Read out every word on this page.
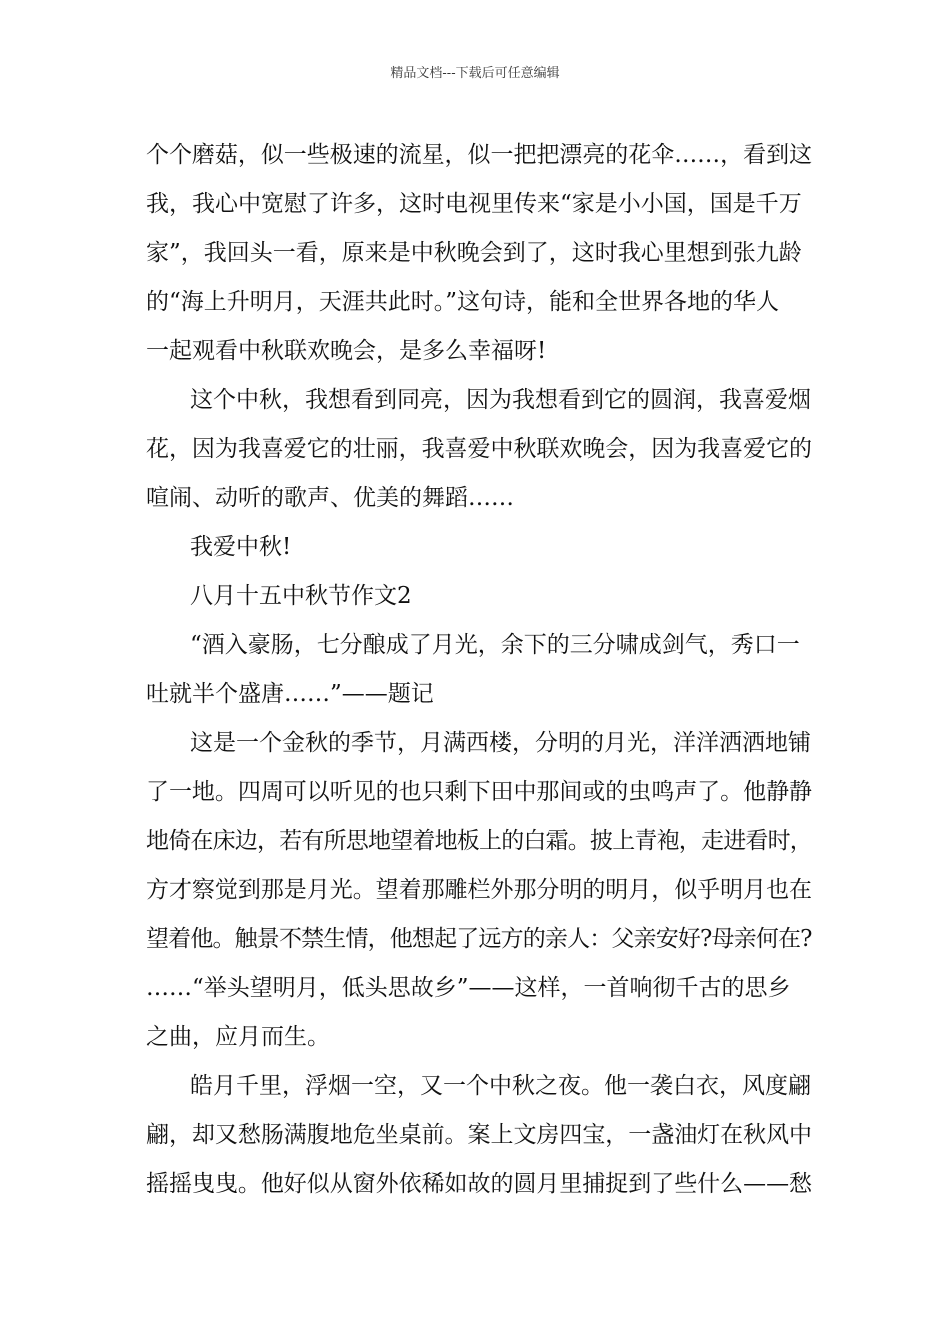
精品文档---下载后可任意编辑
个个磨菇，似一些极速的流星，似一把把漂亮的花伞……，看到这
我，我心中宽慰了许多，这时电视里传来“家是小小国，国是千万
家”，我回头一看，原来是中秋晚会到了，这时我心里想到张九龄
的“海上升明月，天涯共此时。”这句诗，能和全世界各地的华人
一起观看中秋联欢晚会，是多么幸福呀!
这个中秋，我想看到同亮，因为我想看到它的圆润，我喜爱烟
花，因为我喜爱它的壮丽，我喜爱中秋联欢晚会，因为我喜爱它的
喧闹、动听的歌声、优美的舞蹈……
我爱中秋!
八月十五中秋节作文2
“酒入豪肠，七分酿成了月光，余下的三分啸成剑气，秀口一
吐就半个盛唐……”——题记
这是一个金秋的季节，月满西楼，分明的月光，洋洋洒洒地铺
了一地。四周可以听见的也只剩下田中那间或的虫鸣声了。他静静
地倚在床边，若有所思地望着地板上的白霜。披上青袍，走进看时，
方才察觉到那是月光。望着那雕栏外那分明的明月，似乎明月也在
望着他。触景不禁生情，他想起了远方的亲人：父亲安好?母亲何在?
……“举头望明月，低头思故乡”——这样，一首响彻千古的思乡
之曲，应月而生。
皓月千里，浮烟一空，又一个中秋之夜。他一袭白衣，风度翩
翩，却又愁肠满腹地危坐桌前。案上文房四宝，一盏油灯在秋风中
摇摇曳曳。他好似从窗外依稀如故的圆月里捕捉到了些什么——愁
